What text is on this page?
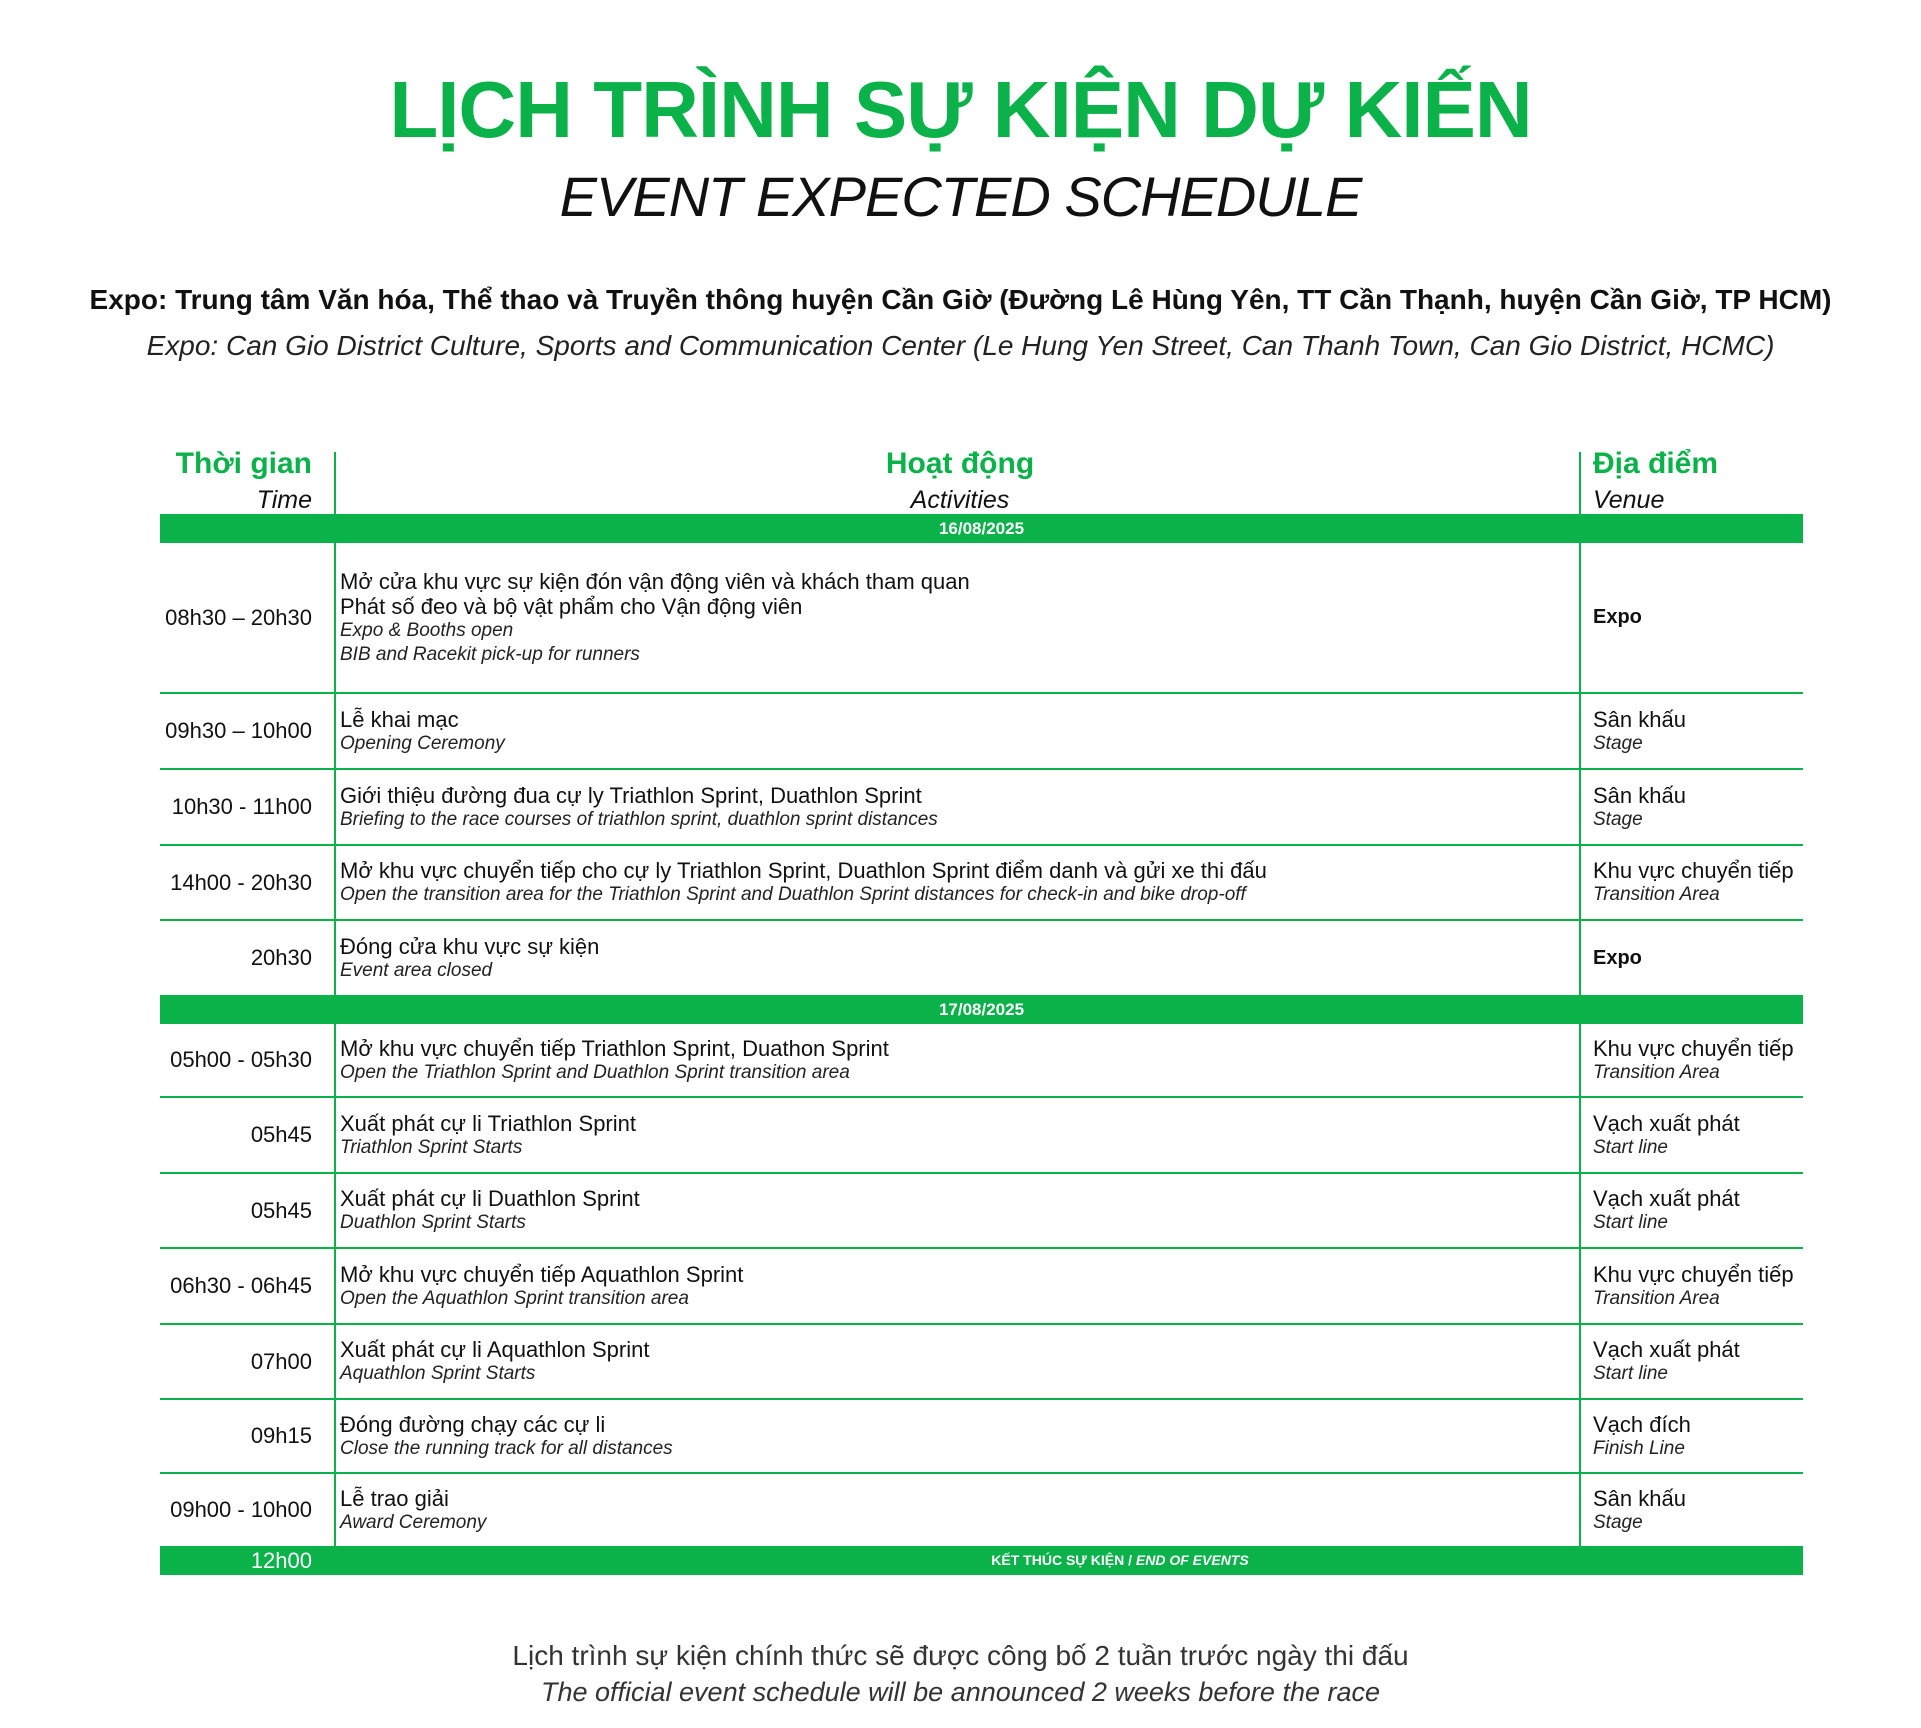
LỊCH TRÌNH SỰ KIỆN DỰ KIẾN
EVENT EXPECTED SCHEDULE
Expo: Trung tâm Văn hóa, Thể thao và Truyền thông huyện Cần Giờ (Đường Lê Hùng Yên, TT Cần Thạnh, huyện Cần Giờ, TP HCM)
Expo: Can Gio District Culture, Sports and Communication Center (Le Hung Yen Street, Can Thanh Town, Can Gio District, HCMC)
Thời gian
Time
Hoạt động
Activities
Địa điểm
Venue
16/08/2025
08h30 – 20h30
Mở cửa khu vực sự kiện đón vận động viên và khách tham quan
Phát số đeo và bộ vật phẩm cho Vận động viên
Expo & Booths open
BIB and Racekit pick-up for runners
Expo
09h30 – 10h00 Lễ khai mạc
Opening Ceremony
Sân khấu
Stage
10h30 - 11h00 Giới thiệu đường đua cự ly Triathlon Sprint, Duathlon Sprint
Briefing to the race courses of triathlon sprint, duathlon sprint distances
Sân khấu
Stage
14h00 - 20h30 Mở khu vực chuyển tiếp cho cự ly Triathlon Sprint, Duathlon Sprint điểm danh và gửi xe thi đấu
Open the transition area for the Triathlon Sprint and Duathlon Sprint distances for check-in and bike drop-off
Khu vực chuyển tiếp
Transition Area
20h30 Đóng cửa khu vực sự kiện
Event area closed
Expo
17/08/2025
05h00 - 05h30 Mở khu vực chuyển tiếp Triathlon Sprint, Duathon Sprint
Open the Triathlon Sprint and Duathlon Sprint transition area
Khu vực chuyển tiếp
Transition Area
05h45 Xuất phát cự li Triathlon Sprint
Triathlon Sprint Starts
Vạch xuất phát
Start line
05h45 Xuất phát cự li Duathlon Sprint
Duathlon Sprint Starts
Vạch xuất phát
Start line
06h30 - 06h45 Mở khu vực chuyển tiếp Aquathlon Sprint
Open the Aquathlon Sprint transition area
Khu vực chuyển tiếp
Transition Area
07h00 Xuất phát cự li Aquathlon Sprint
Aquathlon Sprint Starts
Vạch xuất phát
Start line
09h15 Đóng đường chạy các cự li
Close the running track for all distances
Vạch đích
Finish Line
09h00 - 10h00 Lễ trao giải
Award Ceremony
Sân khấu
Stage
12h00	KẾT THÚC SỰ KIỆN / END OF EVENTS
Lịch trình sự kiện chính thức sẽ được công bố 2 tuần trước ngày thi đấu
The official event schedule will be announced 2 weeks before the race
